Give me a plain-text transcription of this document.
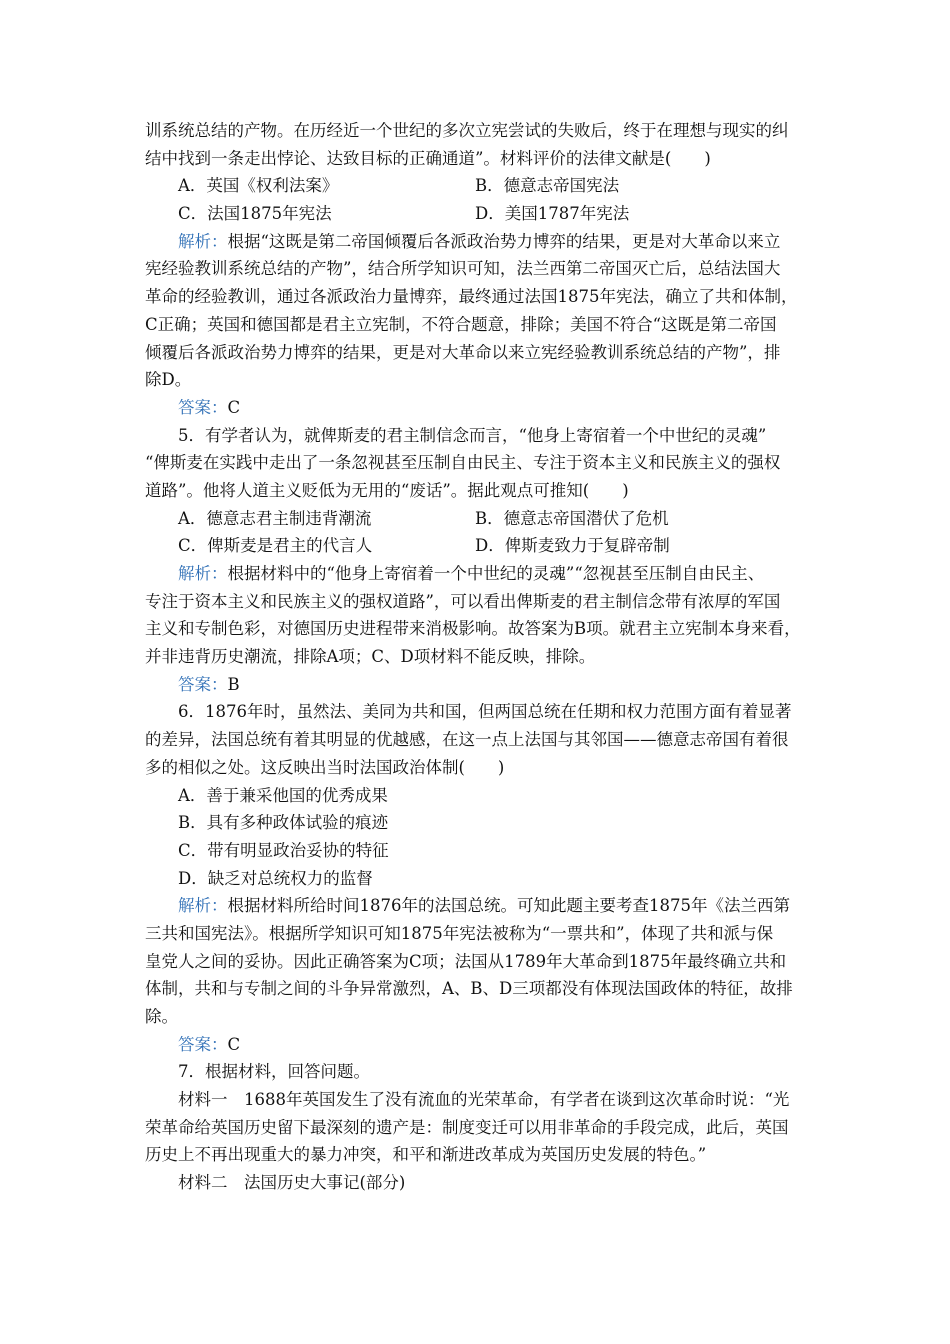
训系统总结的产物。在历经近一个世纪的多次立宪尝试的失败后，终于在理想与现实的纠
结中找到一条走出悖论、达致目标的正确通道”。材料评价的法律文献是(　　)
A．英国《权利法案》	B．德意志帝国宪法
C．法国1875年宪法	D．美国1787年宪法
解析：根据“这既是第二帝国倾覆后各派政治势力博弈的结果，更是对大革命以来立
宪经验教训系统总结的产物”，结合所学知识可知，法兰西第二帝国灭亡后，总结法国大
革命的经验教训，通过各派政治力量博弈，最终通过法国1875年宪法，确立了共和体制，
C正确；英国和德国都是君主立宪制，不符合题意，排除；美国不符合“这既是第二帝国
倾覆后各派政治势力博弈的结果，更是对大革命以来立宪经验教训系统总结的产物”，排
除D。
答案：C
5．有学者认为，就俾斯麦的君主制信念而言，“他身上寄宿着一个中世纪的灵魂”
“俾斯麦在实践中走出了一条忽视甚至压制自由民主、专注于资本主义和民族主义的强权
道路”。他将人道主义贬低为无用的“废话”。据此观点可推知(　　)
A．德意志君主制违背潮流	B．德意志帝国潜伏了危机
C．俾斯麦是君主的代言人	D．俾斯麦致力于复辟帝制
解析：根据材料中的“他身上寄宿着一个中世纪的灵魂”“忽视甚至压制自由民主、
专注于资本主义和民族主义的强权道路”，可以看出俾斯麦的君主制信念带有浓厚的军国
主义和专制色彩，对德国历史进程带来消极影响。故答案为B项。就君主立宪制本身来看，
并非违背历史潮流，排除A项；C、D项材料不能反映，排除。
答案：B
6．1876年时，虽然法、美同为共和国，但两国总统在任期和权力范围方面有着显著
的差异，法国总统有着其明显的优越感，在这一点上法国与其邻国——德意志帝国有着很
多的相似之处。这反映出当时法国政治体制(　　)
A．善于兼采他国的优秀成果
B．具有多种政体试验的痕迹
C．带有明显政治妥协的特征
D．缺乏对总统权力的监督
解析：根据材料所给时间1876年的法国总统。可知此题主要考查1875年《法兰西第
三共和国宪法》。根据所学知识可知1875年宪法被称为“一票共和”，体现了共和派与保
皇党人之间的妥协。因此正确答案为C项；法国从1789年大革命到1875年最终确立共和
体制，共和与专制之间的斗争异常激烈，A、B、D三项都没有体现法国政体的特征，故排
除。
答案：C
7．根据材料，回答问题。
材料一　1688年英国发生了没有流血的光荣革命，有学者在谈到这次革命时说：“光
荣革命给英国历史留下最深刻的遗产是：制度变迁可以用非革命的手段完成，此后，英国
历史上不再出现重大的暴力冲突，和平和渐进改革成为英国历史发展的特色。”
材料二　法国历史大事记(部分)
